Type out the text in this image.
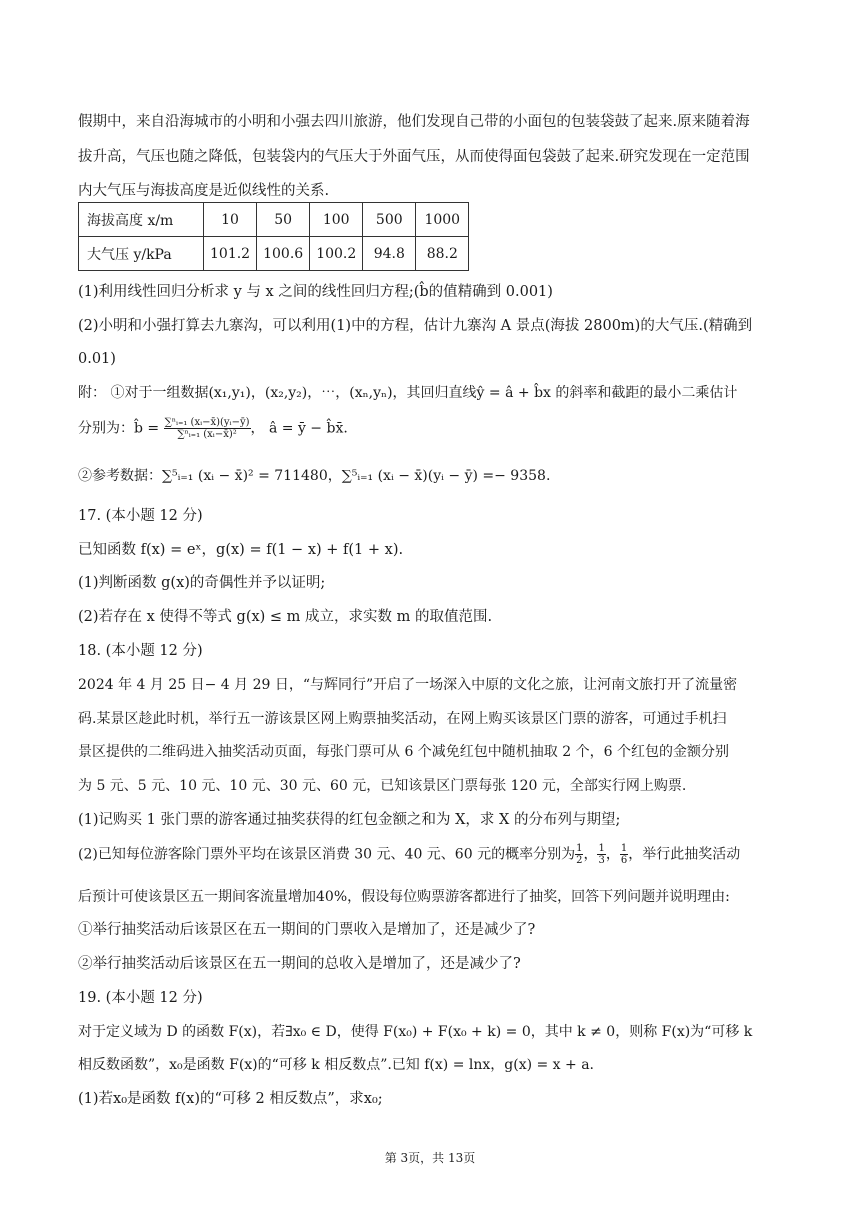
假期中，来自沿海城市的小明和小强去四川旅游，他们发现自己带的小面包的包装袋鼓了起来.原来随着海
拔升高，气压也随之降低，包装袋内的气压大于外面气压，从而使得面包袋鼓了起来.研究发现在一定范围
内大气压与海拔高度是近似线性的关系.
海拔高度 x/m	10	50	100	500	1000
大气压 y/kPa	101.2	100.6	100.2	94.8	88.2
(1)利用线性回归分析求 y 与 x 之间的线性回归方程;(b̂的值精确到 0.001)
(2)小明和小强打算去九寨沟，可以利用(1)中的方程，估计九寨沟 A 景点(海拔 2800m)的大气压.(精确到
0.01)
附： ①对于一组数据(x₁,y₁)，(x₂,y₂)，⋯，(xₙ,yₙ)，其回归直线ŷ = â + b̂x 的斜率和截距的最小二乘估计
分别为：b̂ = $\frac{\text{∑ⁿᵢ₌₁ (xᵢ−x̄)(yᵢ−ȳ)}}{\text{∑ⁿᵢ₌₁ (xᵢ−x̄)²}}$ ， â = ȳ − b̂x̄.
②参考数据：∑⁵ᵢ₌₁ (xᵢ − x̄)² = 711480，∑⁵ᵢ₌₁ (xᵢ − x̄)(yᵢ − ȳ) =− 9358.
17. (本小题 12 分)
已知函数 f(x) = eˣ，g(x) = f(1 − x) + f(1 + x).
(1)判断函数 g(x)的奇偶性并予以证明;
(2)若存在 x 使得不等式 g(x) ≤ m 成立，求实数 m 的取值范围.
18. (本小题 12 分)
2024 年 4 月 25 日− 4 月 29 日，“与辉同行”开启了一场深入中原的文化之旅，让河南文旅打开了流量密
码.某景区趁此时机，举行五一游该景区网上购票抽奖活动，在网上购买该景区门票的游客，可通过手机扫
景区提供的二维码进入抽奖活动页面，每张门票可从 6 个减免红包中随机抽取 2 个，6 个红包的金额分别
为 5 元、5 元、10 元、10 元、30 元、60 元，已知该景区门票每张 120 元，全部实行网上购票.
(1)记购买 1 张门票的游客通过抽奖获得的红包金额之和为 X，求 X 的分布列与期望;
(2)已知每位游客除门票外平均在该景区消费 30 元、40 元、60 元的概率分别为 $\frac{1}{2}$ ， $\frac{1}{3}$ ， $\frac{1}{6}$ ，举行此抽奖活动
后预计可使该景区五一期间客流量增加40%，假设每位购票游客都进行了抽奖，回答下列问题并说明理由:
①举行抽奖活动后该景区在五一期间的门票收入是增加了，还是减少了?
②举行抽奖活动后该景区在五一期间的总收入是增加了，还是减少了?
19. (本小题 12 分)
对于定义域为 D 的函数 F(x)，若∃x₀ ∈ D，使得 F(x₀) + F(x₀ + k) = 0，其中 k ≠ 0，则称 F(x)为“可移 k
相反数函数”，x₀是函数 F(x)的“可移 k 相反数点”.已知 f(x) = lnx，g(x) = x + a.
(1)若x₀是函数 f(x)的“可移 2 相反数点”，求x₀;
第 3页，共 13页
